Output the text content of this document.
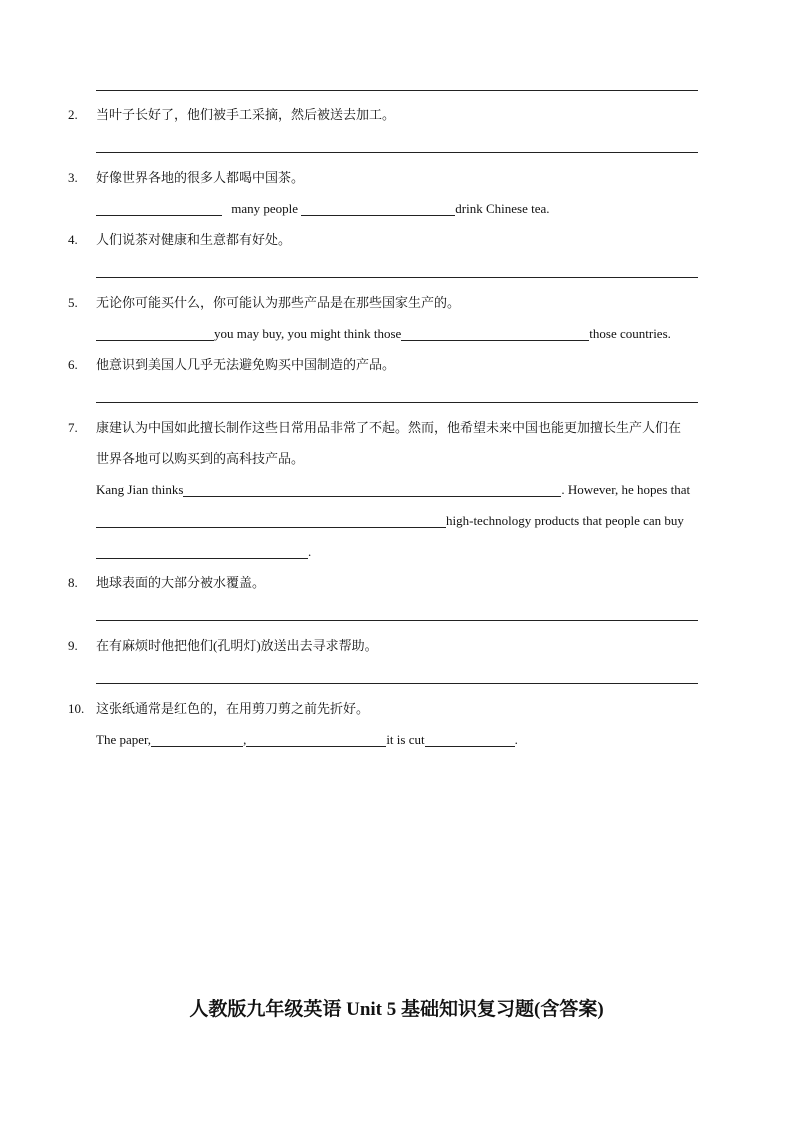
2. 当叶子长好了，他们被手工采摘，然后被送去加工。
3. 好像世界各地的很多人都喝中国茶。
many people	drink Chinese tea.
4. 人们说茶对健康和生意都有好处。
5. 无论你可能买什么，你可能认为那些产品是在那些国家生产的。
you may buy, you might think those	those countries.
6. 他意识到美国人几乎无法避免购买中国制造的产品。
7. 康建认为中国如此擅长制作这些日常用品非常了不起。然而，他希望未来中国也能更加擅长生产人们在
世界各地可以购买到的高科技产品。
Kang Jian thinks	. However, he hopes that
high-technology products that people can buy
.
8. 地球表面的大部分被水覆盖。
9. 在有麻烦时他把他们(孔明灯)放送出去寻求帮助。
10. 这张纸通常是红色的，在用剪刀剪之前先折好。
The paper,	,	it is cut	.
人教版九年级英语 Unit 5 基础知识复习题(含答案)
